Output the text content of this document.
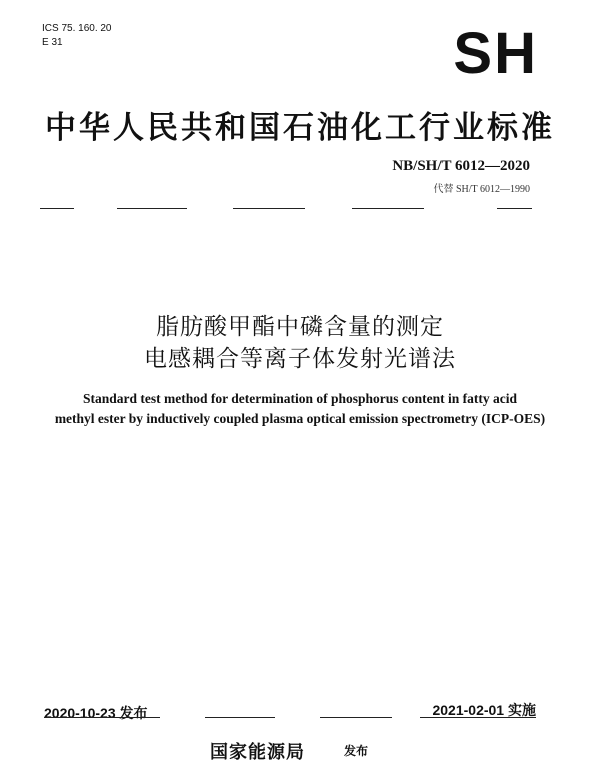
ICS 75. 160. 20
E 31	SH
中华人民共和国石油化工行业标准
NB/SH/T 6012—2020
代替 SH/T 6012—1990
脂肪酸甲酯中磷含量的测定
电感耦合等离子体发射光谱法
Standard test method for determination of phosphorus content in fatty acid
methyl ester by inductively coupled plasma optical emission spectrometry (ICP-OES)
2020-10-23 发布	2021-02-01 实施
国家能源局	发布
